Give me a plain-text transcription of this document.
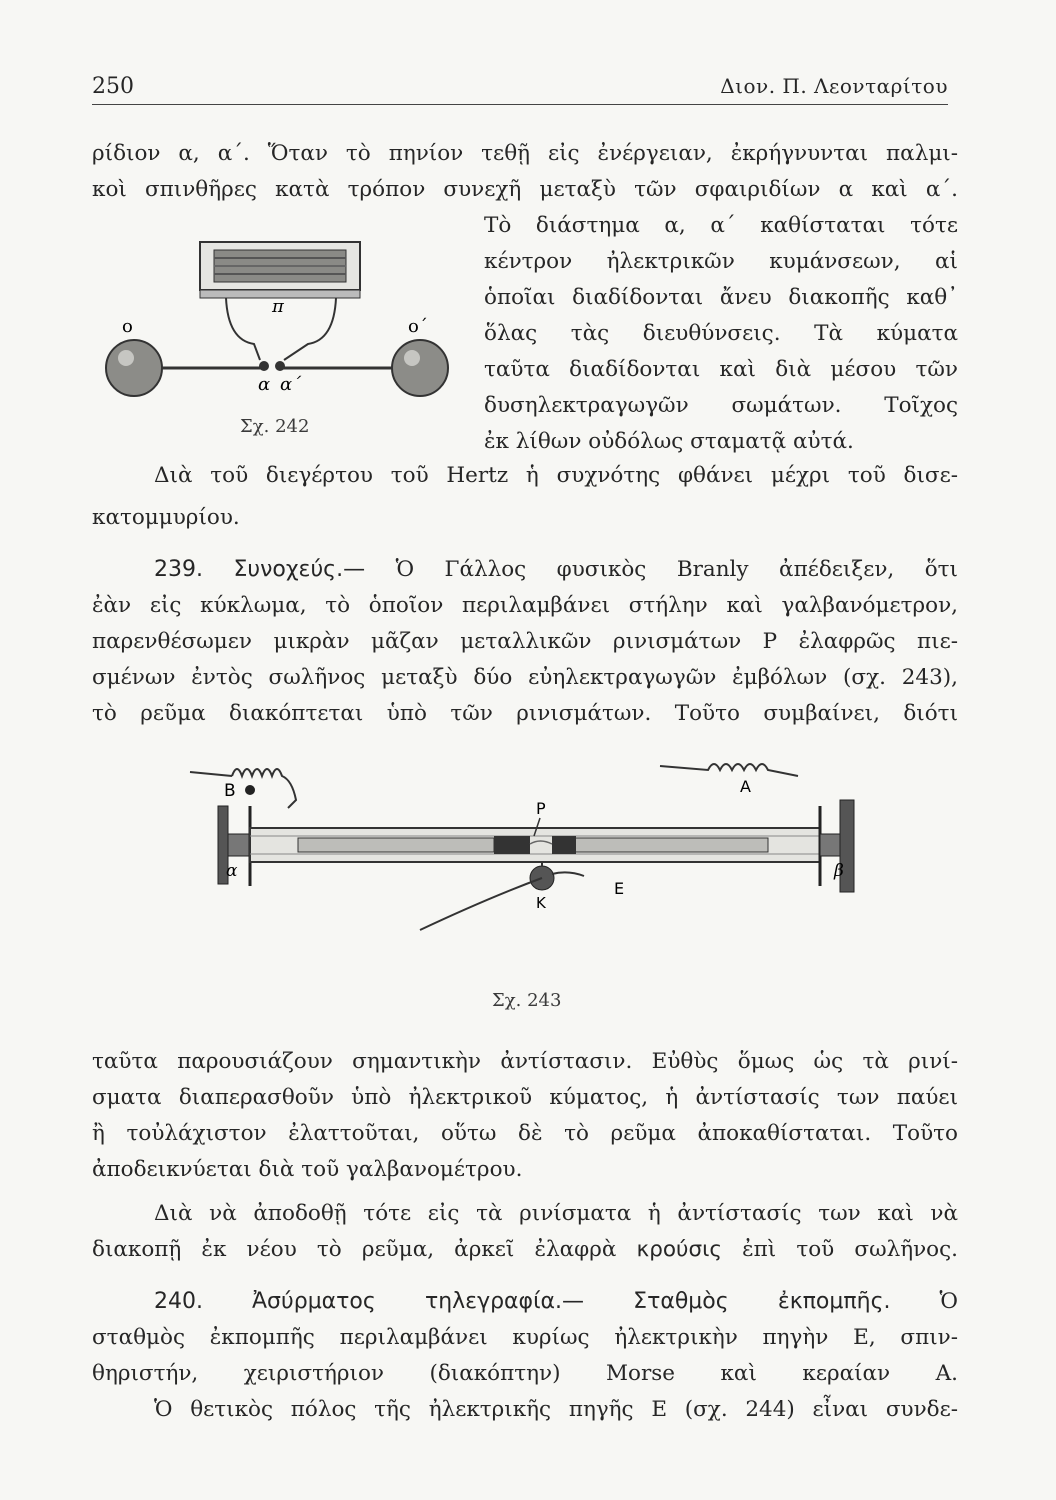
250	Διον. Π. Λεονταρίτου
ρίδιον α, α΄. Ὅταν τὸ πηνίον τεθῇ εἰς ἐνέργειαν, ἐκρήγνυνται παλμι-
κοὶ σπινθῆρες κατὰ τρόπον συνεχῆ μεταξὺ τῶν σφαιριδίων α καὶ α΄.
Τὸ διάστημα α, α΄ καθίσταται τότε
κέντρον ἠλεκτρικῶν κυμάνσεων, αἱ
ὁποῖαι διαδίδονται ἄνευ διακοπῆς καθ᾿
ὅλας τὰς διευθύνσεις. Τὰ κύματα
ταῦτα διαδίδονται καὶ διὰ μέσου τῶν
δυσηλεκτραγωγῶν σωμάτων. Τοῖχος
ἐκ λίθων οὐδόλως σταματᾷ αὐτά.
π
ο	ο΄
α α΄
Σχ. 242
Διὰ τοῦ διεγέρτου τοῦ Hertz ἡ συχνότης φθάνει μέχρι τοῦ δισε-
κατομμυρίου.
239. Συνοχεύς.— Ὁ Γάλλος φυσικὸς Branly ἀπέδειξεν, ὅτι
ἐὰν εἰς κύκλωμα, τὸ ὁποῖον περιλαμβάνει στήλην καὶ γαλβανόμετρον,
παρενθέσωμεν μικρὰν μᾶζαν μεταλλικῶν ρινισμάτων Ρ ἐλαφρῶς πιε-
σμένων ἐντὸς σωλῆνος μεταξὺ δύο εὐηλεκτραγωγῶν ἐμβόλων (σχ. 243),
τὸ ρεῦμα διακόπτεται ὑπὸ τῶν ρινισμάτων. Τοῦτο συμβαίνει, διότι
B	A
α
P
β
E
K
Σχ. 243
ταῦτα παρουσιάζουν σημαντικὴν ἀντίστασιν. Εὐθὺς ὅμως ὡς τὰ ρινί-
σματα διαπερασθοῦν ὑπὸ ἠλεκτρικοῦ κύματος, ἡ ἀντίστασίς των παύει
ἢ τοὐλάχιστον ἐλαττοῦται, οὕτω δὲ τὸ ρεῦμα ἀποκαθίσταται. Τοῦτο
ἀποδεικνύεται διὰ τοῦ γαλβανομέτρου.
Διὰ νὰ ἀποδοθῇ τότε εἰς τὰ ρινίσματα ἡ ἀντίστασίς των καὶ νὰ
διακοπῇ ἐκ νέου τὸ ρεῦμα, ἀρκεῖ ἐλαφρὰ κρούσις ἐπὶ τοῦ σωλῆνος.
240. Ἀσύρματος τηλεγραφία.— Σταθμὸς ἐκπομπῆς. Ὁ
σταθμὸς ἐκπομπῆς περιλαμβάνει κυρίως ἠλεκτρικὴν πηγὴν Ε, σπιν-
θηριστήν, χειριστήριον (διακόπτην) Morse καὶ κεραίαν Α.
Ὁ θετικὸς πόλος τῆς ἠλεκτρικῆς πηγῆς Ε (σχ. 244) εἶναι συνδε-
